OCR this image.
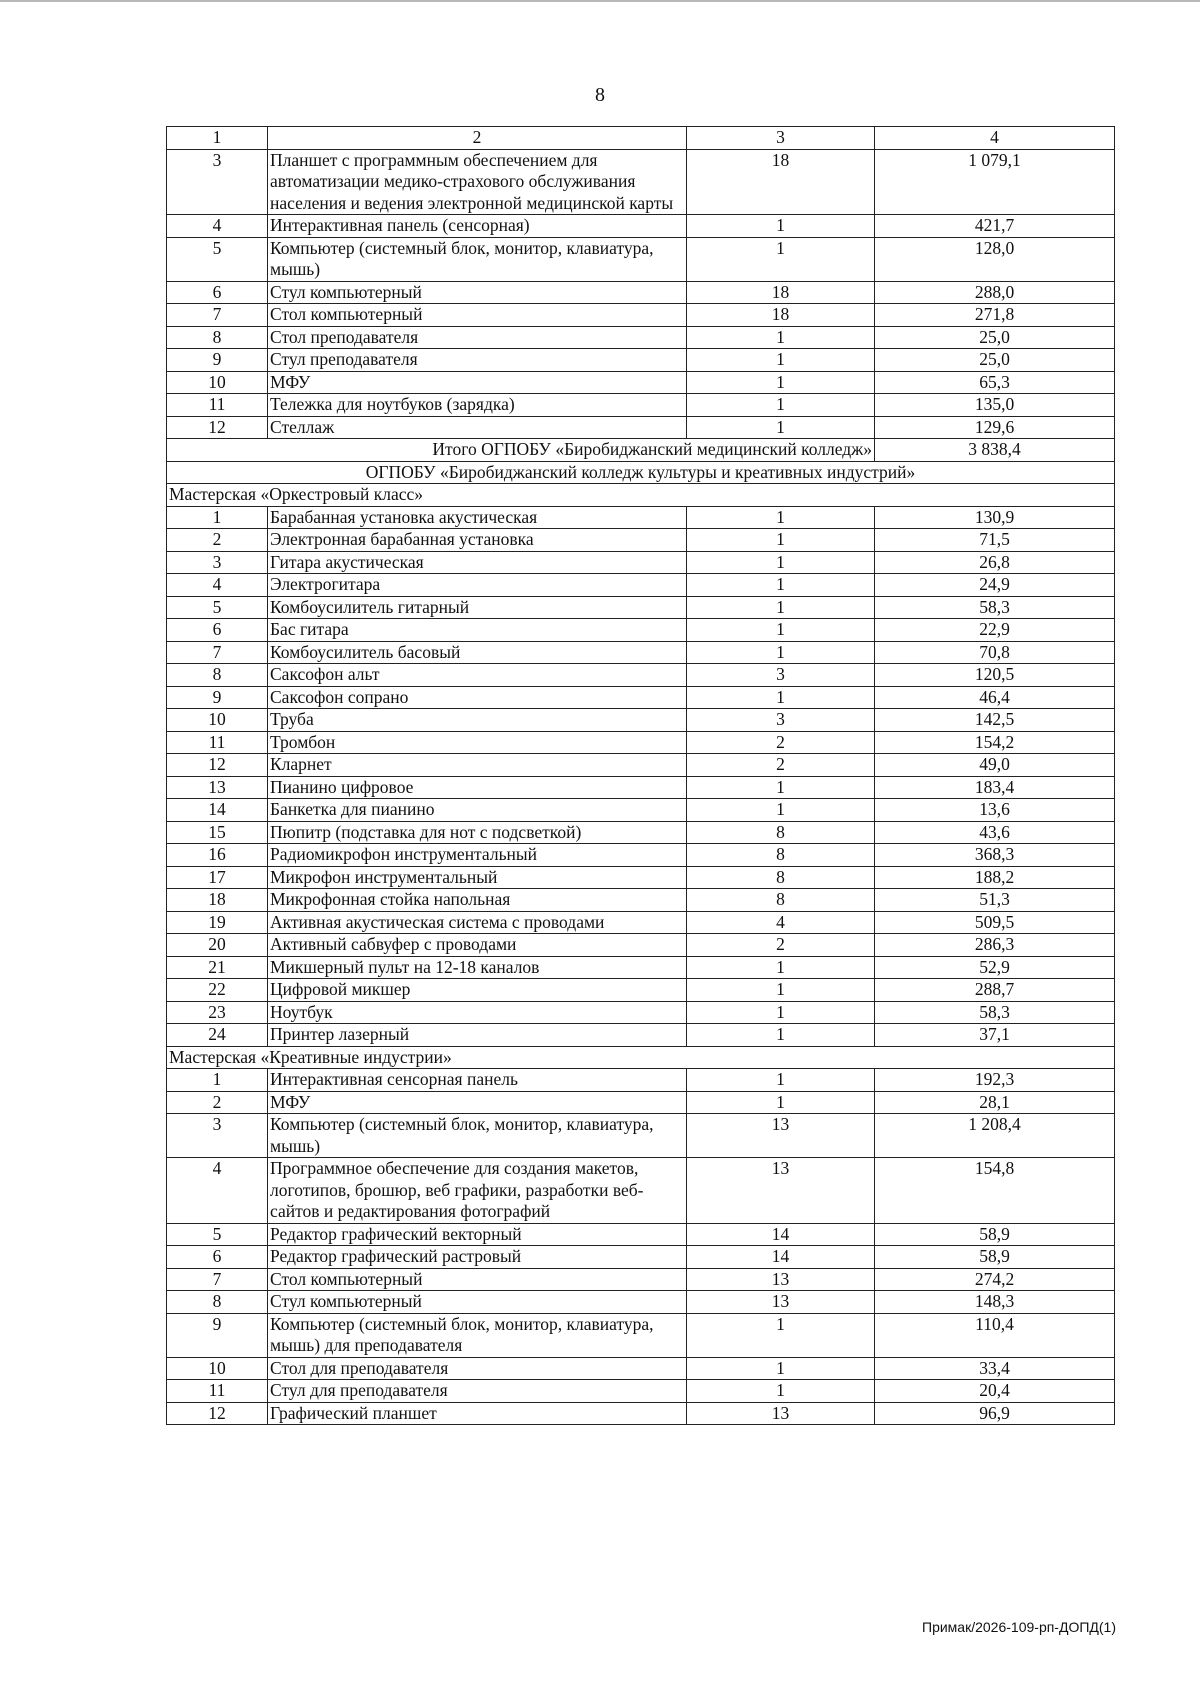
8
1	2	3	4
3	Планшет с программным обеспечением для автоматизации медико-страхового обслуживания населения и ведения электронной медицинской карты	18	1 079,1
4	Интерактивная панель (сенсорная)	1	421,7
5	Компьютер (системный блок, монитор, клавиатура, мышь)	1	128,0
6	Стул компьютерный	18	288,0
7	Стол компьютерный	18	271,8
8	Стол преподавателя	1	25,0
9	Стул преподавателя	1	25,0
10	МФУ	1	65,3
11	Тележка для ноутбуков (зарядка)	1	135,0
12	Стеллаж	1	129,6
Итого ОГПОБУ «Биробиджанский медицинский колледж»			3 838,4
ОГПОБУ «Биробиджанский колледж культуры и креативных индустрий»			
Мастерская «Оркестровый класс»			
1	Барабанная установка акустическая	1	130,9
2	Электронная барабанная установка	1	71,5
3	Гитара акустическая	1	26,8
4	Электрогитара	1	24,9
5	Комбоусилитель гитарный	1	58,3
6	Бас гитара	1	22,9
7	Комбоусилитель басовый	1	70,8
8	Саксофон альт	3	120,5
9	Саксофон сопрано	1	46,4
10	Труба	3	142,5
11	Тромбон	2	154,2
12	Кларнет	2	49,0
13	Пианино цифровое	1	183,4
14	Банкетка для пианино	1	13,6
15	Пюпитр (подставка для нот с подсветкой)	8	43,6
16	Радиомикрофон инструментальный	8	368,3
17	Микрофон инструментальный	8	188,2
18	Микрофонная стойка напольная	8	51,3
19	Активная акустическая система с проводами	4	509,5
20	Активный сабвуфер с проводами	2	286,3
21	Микшерный пульт на 12-18 каналов	1	52,9
22	Цифровой микшер	1	288,7
23	Ноутбук	1	58,3
24	Принтер лазерный	1	37,1
Мастерская «Креативные индустрии»			
1	Интерактивная сенсорная панель	1	192,3
2	МФУ	1	28,1
3	Компьютер (системный блок, монитор, клавиатура, мышь)	13	1 208,4
4	Программное обеспечение для создания макетов, логотипов, брошюр, веб графики, разработки веб-сайтов и редактирования фотографий	13	154,8
5	Редактор графический векторный	14	58,9
6	Редактор графический растровый	14	58,9
7	Стол компьютерный	13	274,2
8	Стул компьютерный	13	148,3
9	Компьютер (системный блок, монитор, клавиатура, мышь) для преподавателя	1	110,4
10	Стол для преподавателя	1	33,4
11	Стул для преподавателя	1	20,4
12	Графический планшет	13	96,9
Примак/2026-109-рп-ДОПД(1)
